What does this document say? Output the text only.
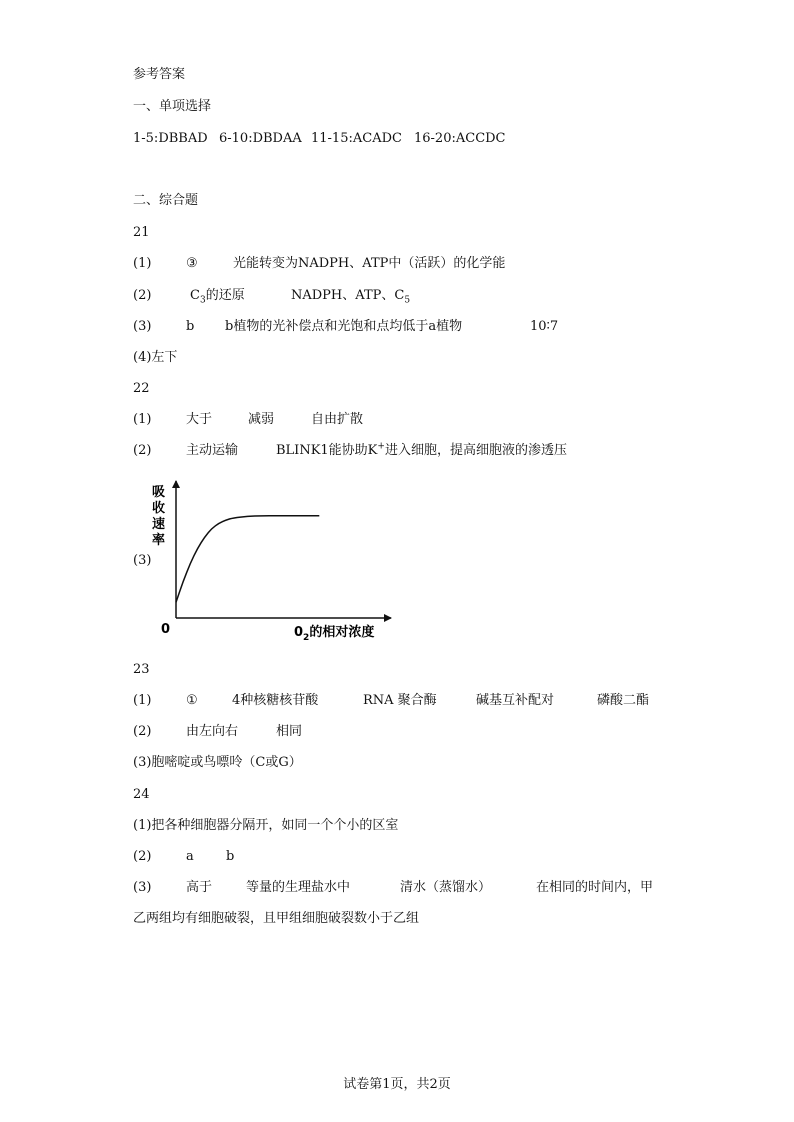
参考答案
一、单项选择
1-5:DBBAD 6-10:DBDAA 11-15:ACADC 16-20:ACCDC
二、综合题
21
(1)	③	光能转变为NADPH、ATP中（活跃）的化学能
(2)	$C_3$的还原	NADPH、ATP、$C_5$
(3)	b b植物的光补偿点和光饱和点均低于a植物	10∶7
(4)左下
22
(1)	大于	减弱	自由扩散
(2)	主动运输	BLINK1能协助K+进入细胞，提高细胞液的渗透压
(3)
吸
收
速
率
0	$0_2$的相对浓度
23
(1)	①	4种核糖核苷酸	RNA 聚合酶	碱基互补配对	磷酸二酯
(2)	由左向右	相同
(3)胞嘧啶或鸟嘌呤（C或G）
24
(1)把各种细胞器分隔开，如同一个个小的区室
(2)	a b
(3)	高于	等量的生理盐水中	清水（蒸馏水）	在相同的时间内，甲
乙两组均有细胞破裂，且甲组细胞破裂数小于乙组
试卷第1页，共2页
